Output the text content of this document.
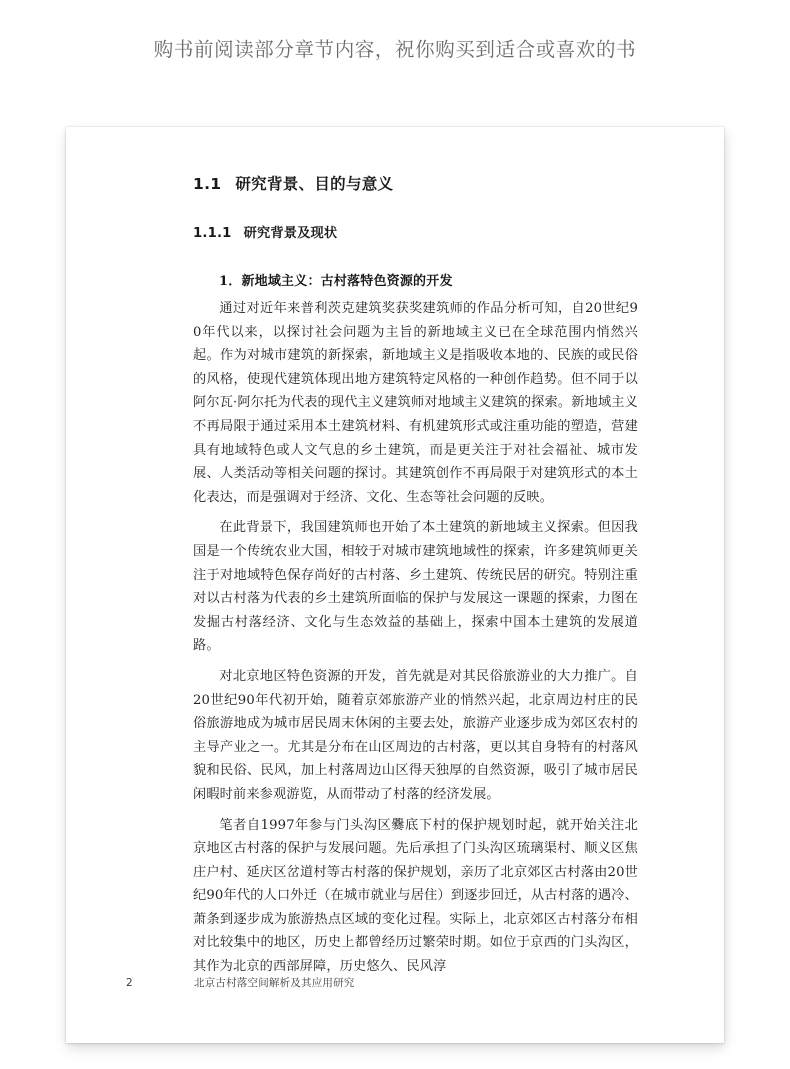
购书前阅读部分章节内容，祝你购买到适合或喜欢的书
1.1 研究背景、目的与意义
1.1.1 研究背景及现状
1．新地域主义：古村落特色资源的开发

通过对近年来普利茨克建筑奖获奖建筑师的作品分析可知，自20世纪90年代以来，以探讨社会问题为主旨的新地域主义已在全球范围内悄然兴起。作为对城市建筑的新探索，新地域主义是指吸收本地的、民族的或民俗的风格，使现代建筑体现出地方建筑特定风格的一种创作趋势。但不同于以阿尔瓦·阿尔托为代表的现代主义建筑师对地域主义建筑的探索。新地域主义不再局限于通过采用本土建筑材料、有机建筑形式或注重功能的塑造，营建具有地域特色或人文气息的乡土建筑，而是更关注于对社会福祉、城市发展、人类活动等相关问题的探讨。其建筑创作不再局限于对建筑形式的本土化表达，而是强调对于经济、文化、生态等社会问题的反映。

在此背景下，我国建筑师也开始了本土建筑的新地域主义探索。但因我国是一个传统农业大国，相较于对城市建筑地域性的探索，许多建筑师更关注于对地域特色保存尚好的古村落、乡土建筑、传统民居的研究。特别注重对以古村落为代表的乡土建筑所面临的保护与发展这一课题的探索，力图在发掘古村落经济、文化与生态效益的基础上，探索中国本土建筑的发展道路。

对北京地区特色资源的开发，首先就是对其民俗旅游业的大力推广。自20世纪90年代初开始，随着京郊旅游产业的悄然兴起，北京周边村庄的民俗旅游地成为城市居民周末休闲的主要去处，旅游产业逐步成为郊区农村的主导产业之一。尤其是分布在山区周边的古村落，更以其自身特有的村落风貌和民俗、民风，加上村落周边山区得天独厚的自然资源，吸引了城市居民闲暇时前来参观游览，从而带动了村落的经济发展。

笔者自1997年参与门头沟区爨底下村的保护规划时起，就开始关注北京地区古村落的保护与发展问题。先后承担了门头沟区琉璃渠村、顺义区焦庄户村、延庆区岔道村等古村落的保护规划，亲历了北京郊区古村落由20世纪90年代的人口外迁（在城市就业与居住）到逐步回迁，从古村落的遇冷、萧条到逐步成为旅游热点区域的变化过程。实际上，北京郊区古村落分布相对比较集中的地区，历史上都曾经历过繁荣时期。如位于京西的门头沟区，其作为北京的西部屏障，历史悠久、民风淳

2	北京古村落空间解析及其应用研究
